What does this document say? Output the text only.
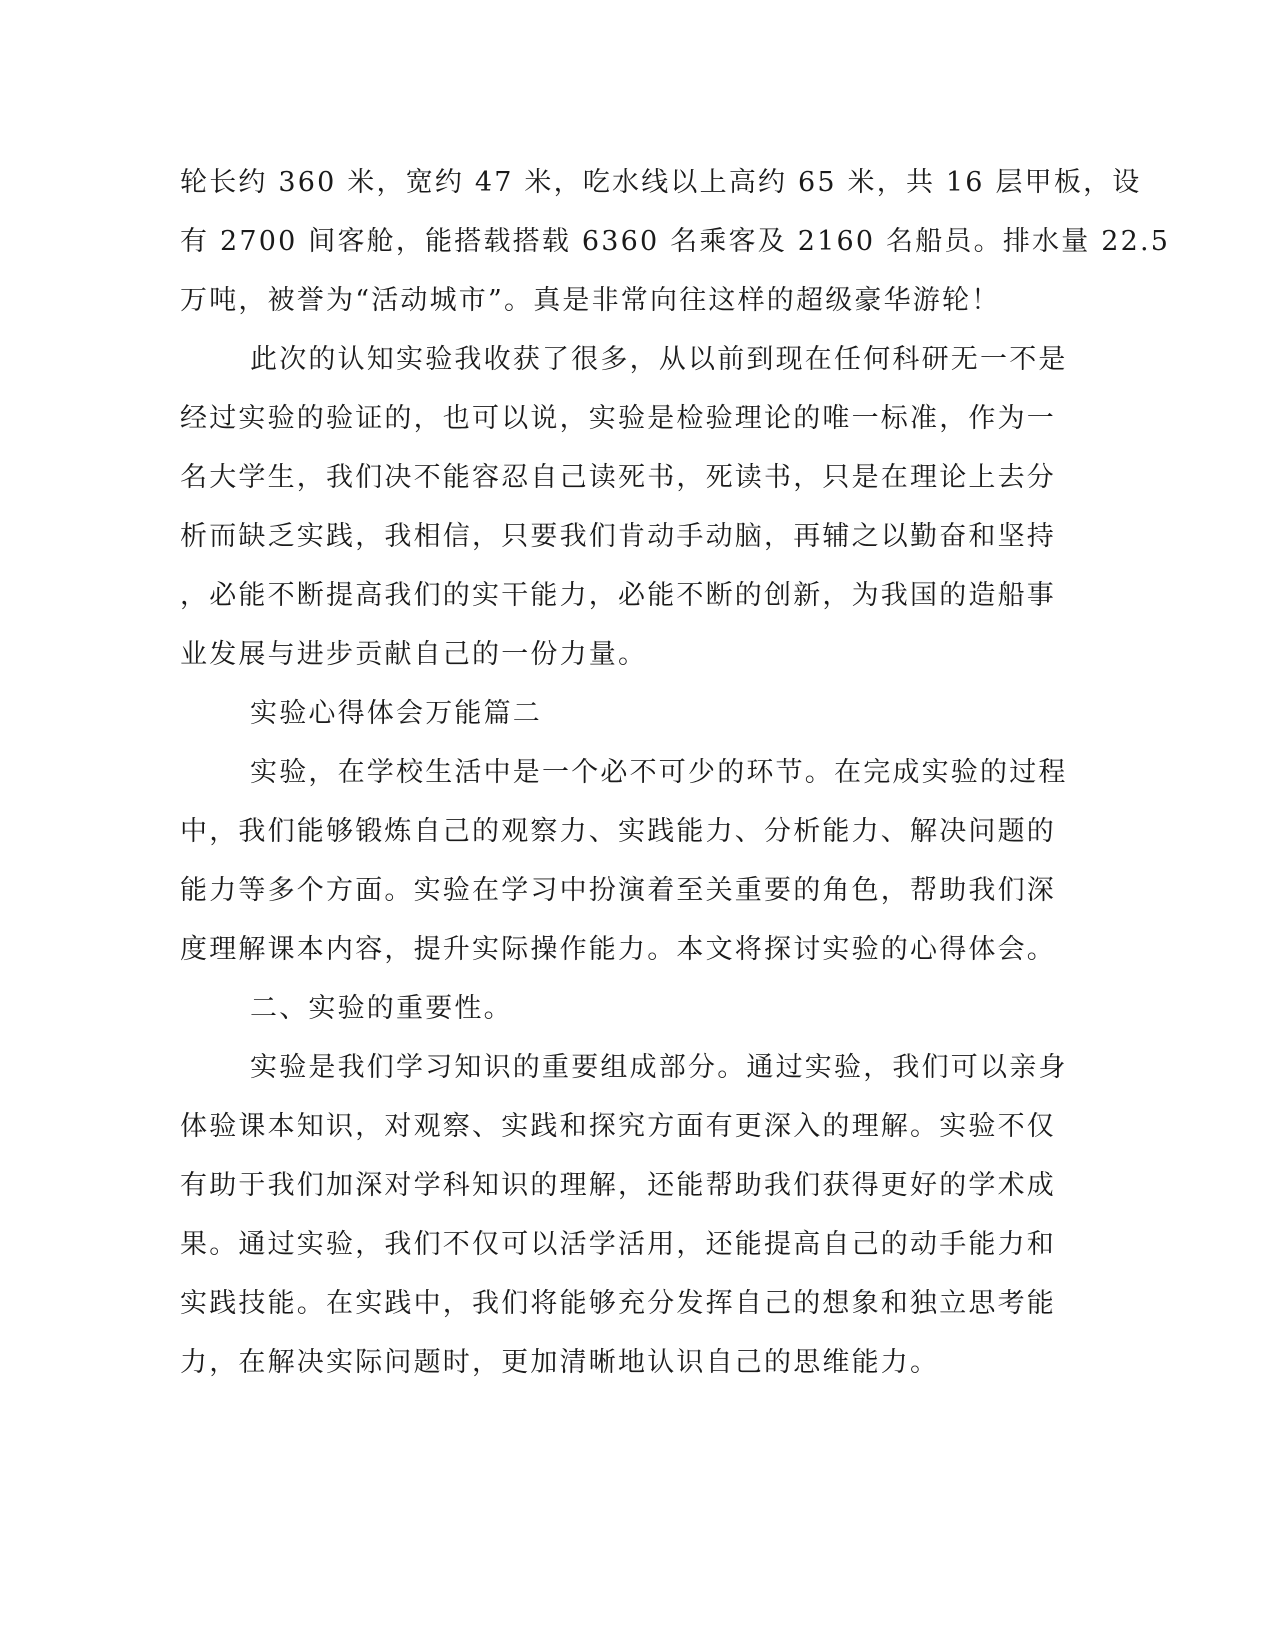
轮长约 360 米，宽约 47 米，吃水线以上高约 65 米，共 16 层甲板，设
有 2700 间客舱，能搭载搭载 6360 名乘客及 2160 名船员。排水量 22.5
万吨，被誉为“活动城市”。真是非常向往这样的超级豪华游轮！
此次的认知实验我收获了很多，从以前到现在任何科研无一不是
经过实验的验证的，也可以说，实验是检验理论的唯一标准，作为一
名大学生，我们决不能容忍自己读死书，死读书，只是在理论上去分
析而缺乏实践，我相信，只要我们肯动手动脑，再辅之以勤奋和坚持
，必能不断提高我们的实干能力，必能不断的创新，为我国的造船事
业发展与进步贡献自己的一份力量。
实验心得体会万能篇二
实验，在学校生活中是一个必不可少的环节。在完成实验的过程
中，我们能够锻炼自己的观察力、实践能力、分析能力、解决问题的
能力等多个方面。实验在学习中扮演着至关重要的角色，帮助我们深
度理解课本内容，提升实际操作能力。本文将探讨实验的心得体会。
二、实验的重要性。
实验是我们学习知识的重要组成部分。通过实验，我们可以亲身
体验课本知识，对观察、实践和探究方面有更深入的理解。实验不仅
有助于我们加深对学科知识的理解，还能帮助我们获得更好的学术成
果。通过实验，我们不仅可以活学活用，还能提高自己的动手能力和
实践技能。在实践中，我们将能够充分发挥自己的想象和独立思考能
力，在解决实际问题时，更加清晰地认识自己的思维能力。
